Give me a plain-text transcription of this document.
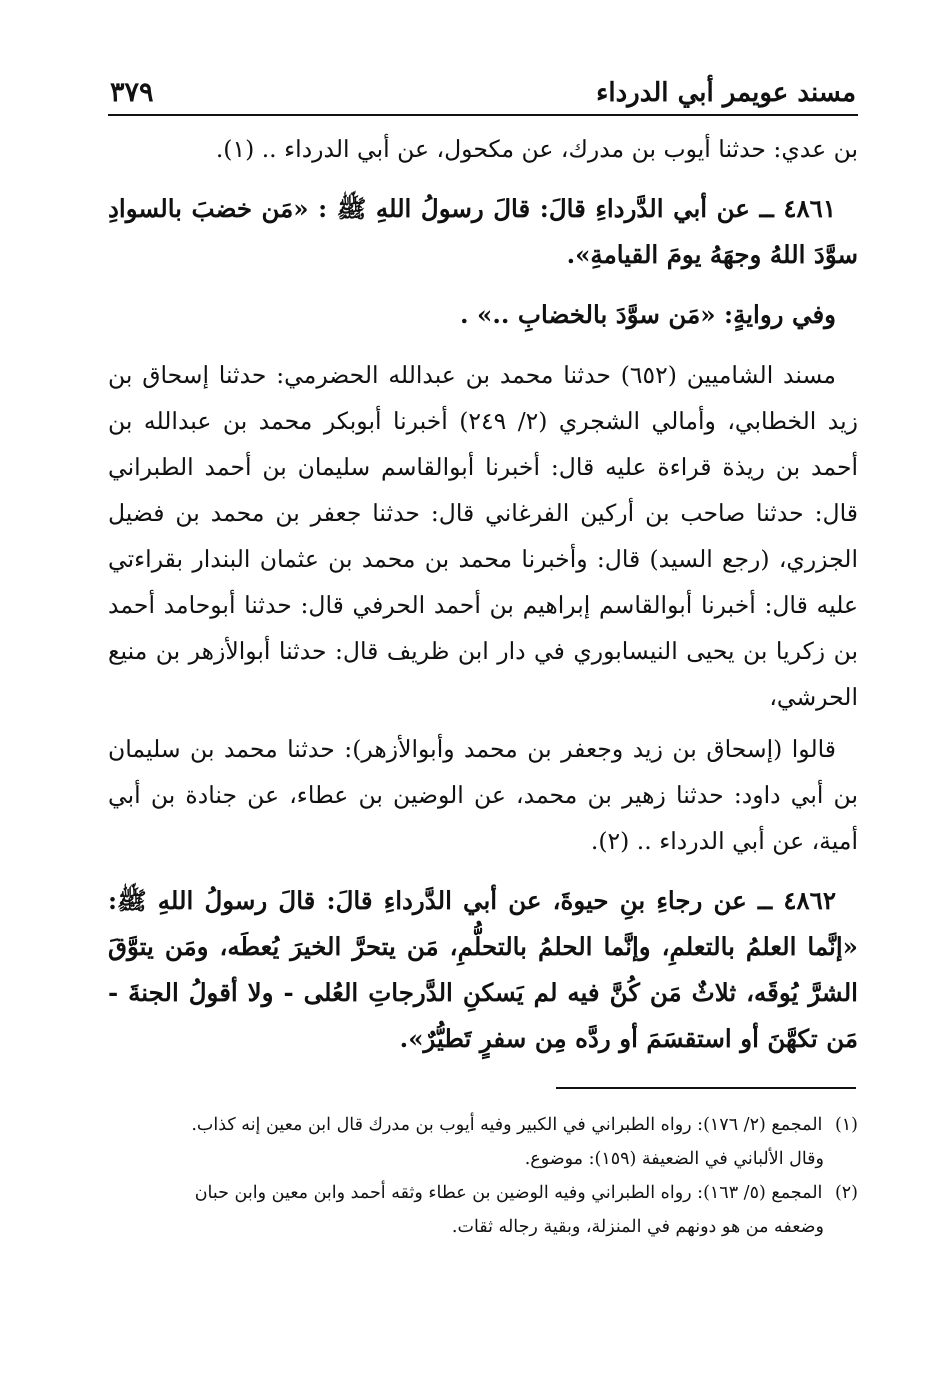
مسند عويمر أبي الدرداء
٣٧٩

بن عدي: حدثنا أيوب بن مدرك، عن مكحول، عن أبي الدرداء .. (١).

٤٨٦١ ــ عن أبي الدَّرداءِ قالَ: قالَ رسولُ اللهِ ﷺ : «مَن خضبَ بالسوادِ سوَّدَ اللهُ وجهَهُ يومَ القيامةِ».

وفي روايةٍ: «مَن سوَّدَ بالخضابِ ..» .

مسند الشاميين (٦٥٢) حدثنا محمد بن عبدالله الحضرمي: حدثنا إسحاق بن زيد الخطابي، وأمالي الشجري (٢/ ٢٤٩) أخبرنا أبوبكر محمد بن عبدالله بن أحمد بن ريذة قراءة عليه قال: أخبرنا أبوالقاسم سليمان بن أحمد الطبراني قال: حدثنا صاحب بن أركين الفرغاني قال: حدثنا جعفر بن محمد بن فضيل الجزري، (رجع السيد) قال: وأخبرنا محمد بن محمد بن عثمان البندار بقراءتي عليه قال: أخبرنا أبوالقاسم إبراهيم بن أحمد الحرفي قال: حدثنا أبوحامد أحمد بن زكريا بن يحيى النيسابوري في دار ابن ظريف قال: حدثنا أبوالأزهر بن منيع الحرشي،

قالوا (إسحاق بن زيد وجعفر بن محمد وأبوالأزهر): حدثنا محمد بن سليمان بن أبي داود: حدثنا زهير بن محمد، عن الوضين بن عطاء، عن جنادة بن أبي أمية، عن أبي الدرداء .. (٢).

٤٨٦٢ ــ عن رجاءِ بنِ حيوةَ، عن أبي الدَّرداءِ قالَ: قالَ رسولُ اللهِ ﷺ: «إنَّما العلمُ بالتعلمِ، وإنَّما الحلمُ بالتحلُّمِ، مَن يتحرَّ الخيرَ يُعطَه، ومَن يتوَّقَ الشرَّ يُوقَه، ثلاثٌ مَن كُنَّ فيه لم يَسكنِ الدَّرجاتِ العُلى - ولا أقولُ الجنةَ - مَن تكهَّنَ أو استقسَمَ أو ردَّه مِن سفرٍ تَطيُّرٌ».

(١) المجمع (٢/ ١٧٦): رواه الطبراني في الكبير وفيه أيوب بن مدرك قال ابن معين إنه كذاب.
وقال الألباني في الضعيفة (١٥٩): موضوع.

(٢) المجمع (٥/ ١٦٣): رواه الطبراني وفيه الوضين بن عطاء وثقه أحمد وابن معين وابن حبان
وضعفه من هو دونهم في المنزلة، وبقية رجاله ثقات.
